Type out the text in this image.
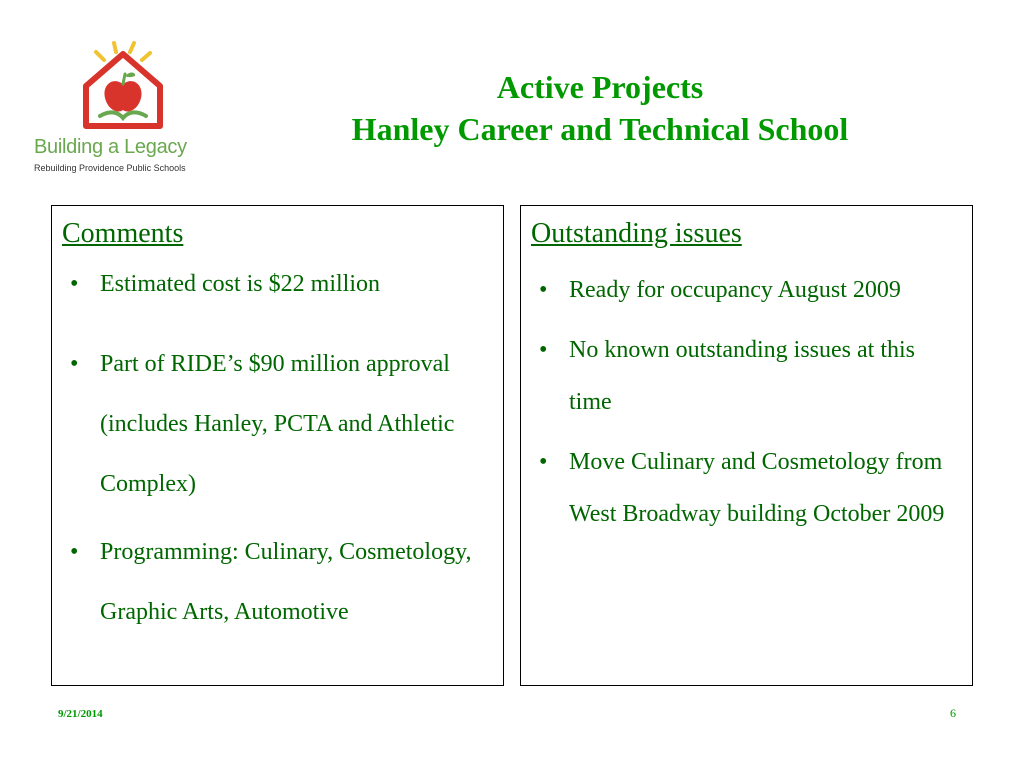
Building a Legacy
Rebuilding Providence Public Schools
Active Projects
Hanley Career and Technical School
Comments
• Estimated cost is $22 million
• Part of RIDE’s $90 million approval (includes Hanley, PCTA and Athletic Complex)
• Programming: Culinary, Cosmetology, Graphic Arts, Automotive
Outstanding issues
• Ready for occupancy August 2009
• No known outstanding issues at this time
• Move Culinary and Cosmetology from West Broadway building October 2009
9/21/2014	6
